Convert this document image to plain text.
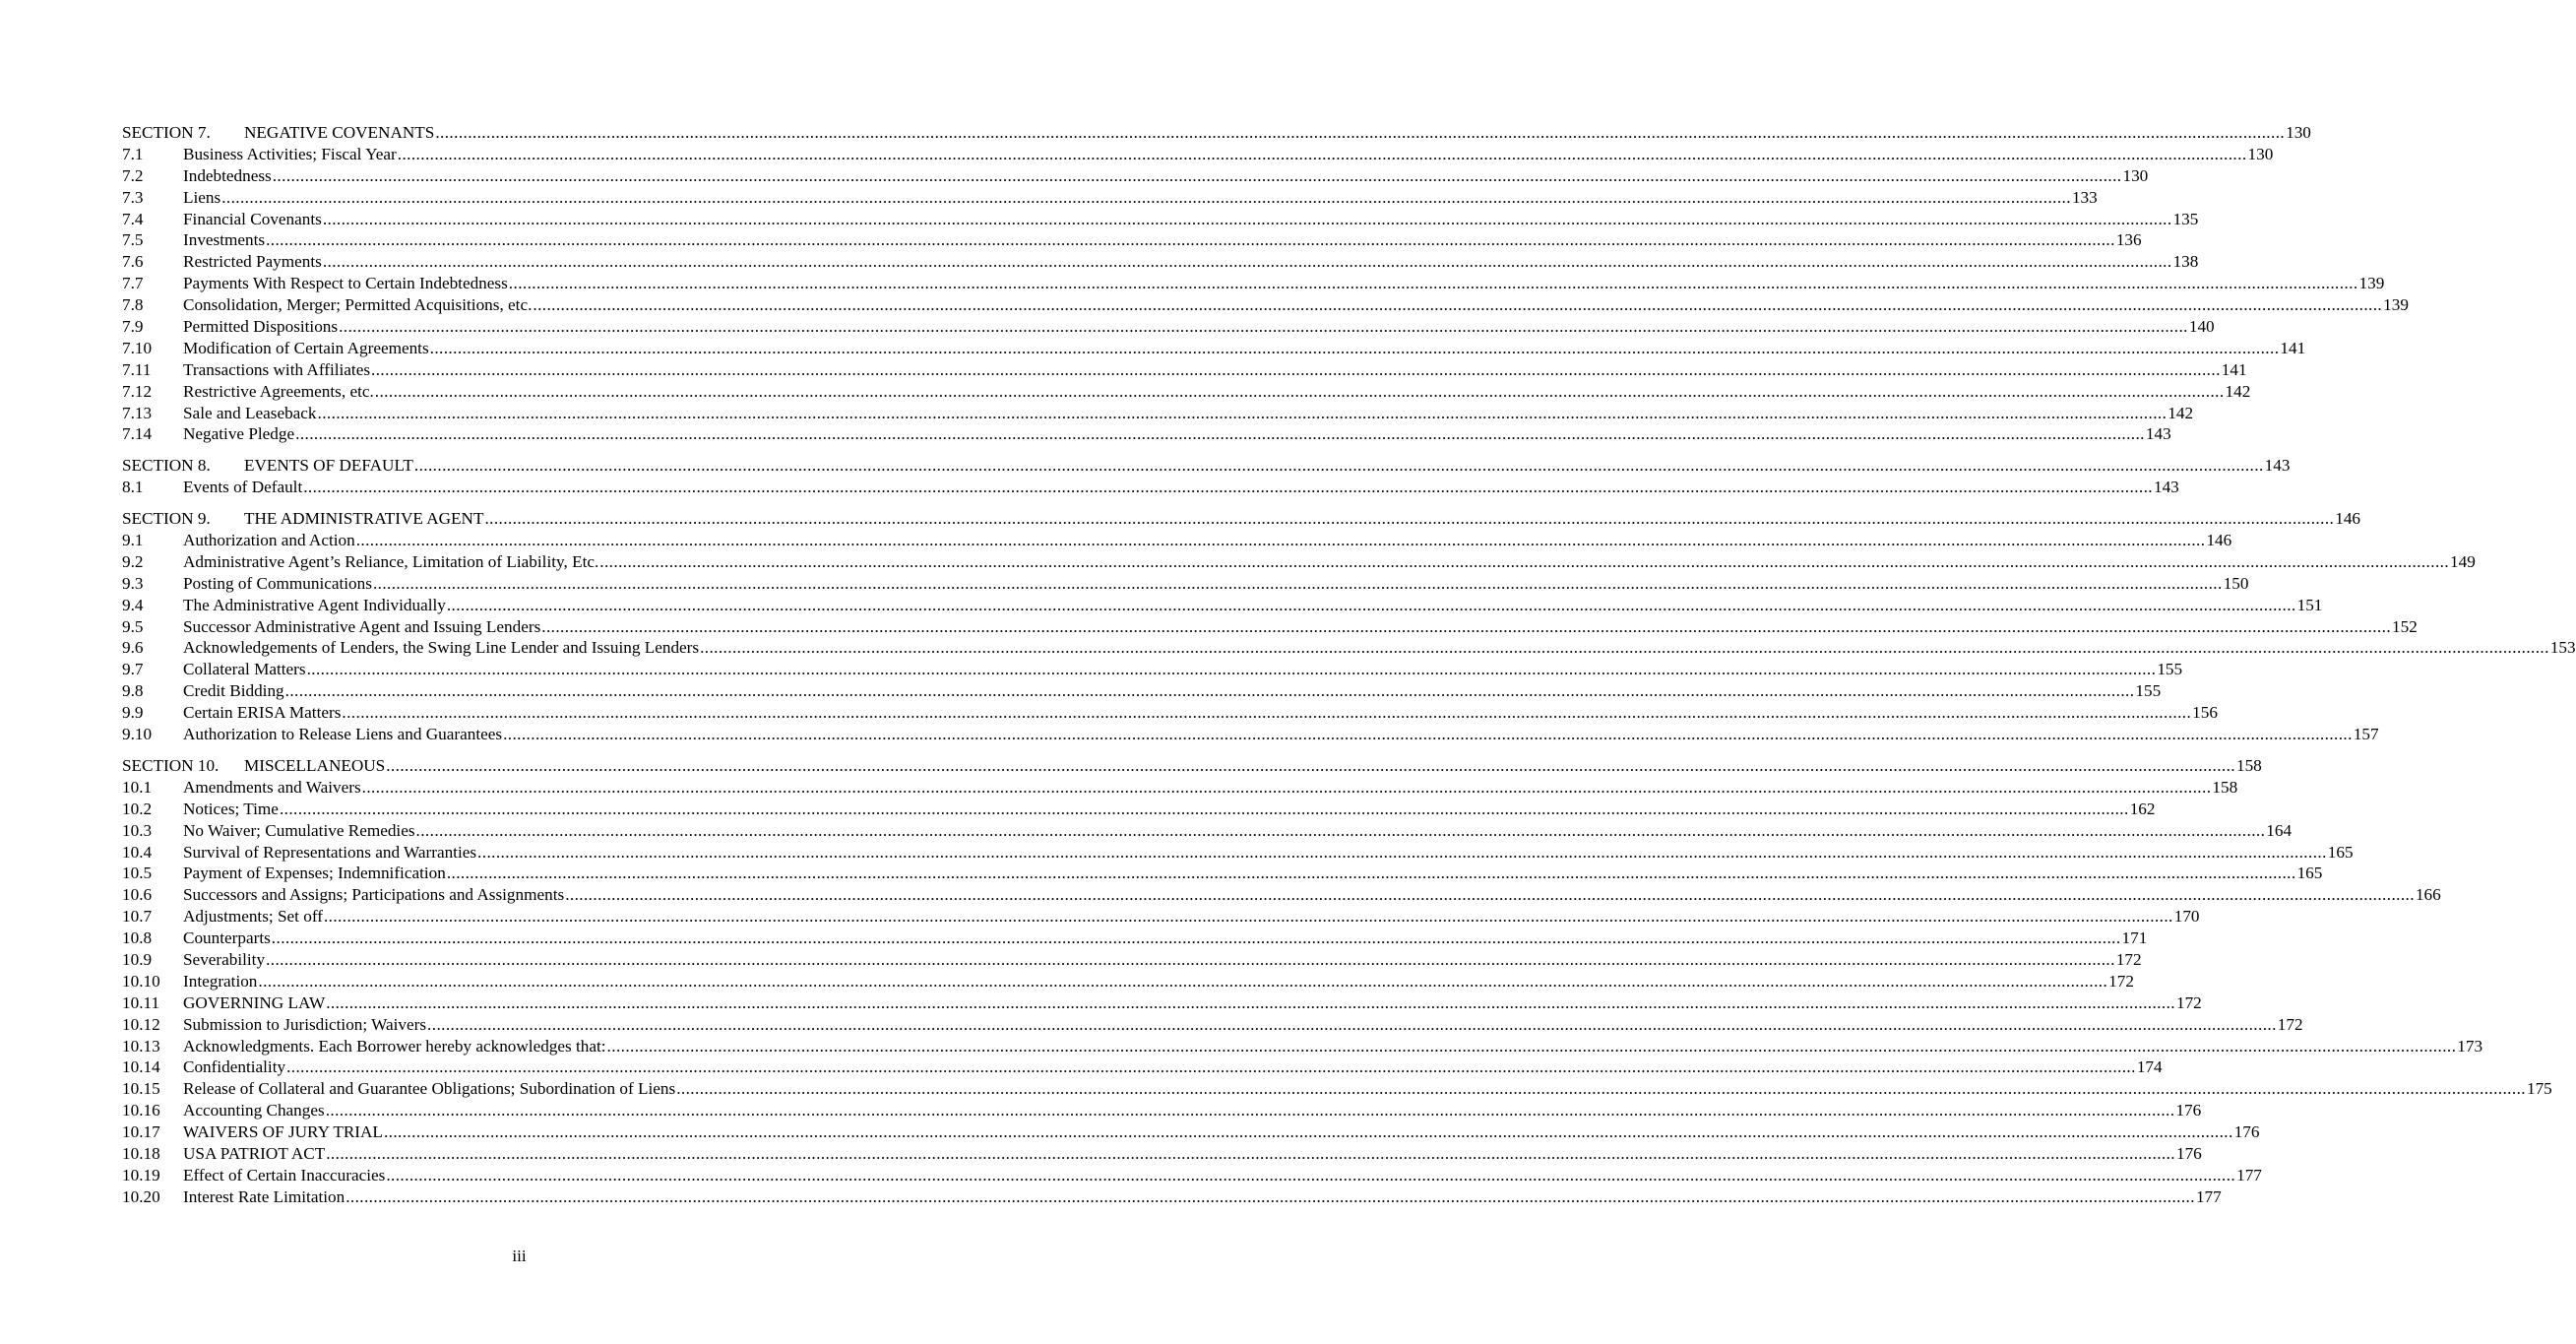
SECTION 7.	NEGATIVE COVENANTS ................................................................................................................................................................................................................................................................................................................................................................................................................ 130
7.1	Business Activities; Fiscal Year ................................................................................................................................................................................................................................................................................................................................................................................................................ 130
7.2	Indebtedness ................................................................................................................................................................................................................................................................................................................................................................................................................ 130
7.3	Liens ................................................................................................................................................................................................................................................................................................................................................................................................................ 133
7.4	Financial Covenants ................................................................................................................................................................................................................................................................................................................................................................................................................ 135
7.5	Investments ................................................................................................................................................................................................................................................................................................................................................................................................................ 136
7.6	Restricted Payments ................................................................................................................................................................................................................................................................................................................................................................................................................ 138
7.7	Payments With Respect to Certain Indebtedness ................................................................................................................................................................................................................................................................................................................................................................................................................ 139
7.8	Consolidation, Merger; Permitted Acquisitions, etc. ................................................................................................................................................................................................................................................................................................................................................................................................................ 139
7.9	Permitted Dispositions ................................................................................................................................................................................................................................................................................................................................................................................................................ 140
7.10	Modification of Certain Agreements ................................................................................................................................................................................................................................................................................................................................................................................................................ 141
7.11	Transactions with Affiliates ................................................................................................................................................................................................................................................................................................................................................................................................................ 141
7.12	Restrictive Agreements, etc. ................................................................................................................................................................................................................................................................................................................................................................................................................ 142
7.13	Sale and Leaseback ................................................................................................................................................................................................................................................................................................................................................................................................................ 142
7.14	Negative Pledge ................................................................................................................................................................................................................................................................................................................................................................................................................ 143
SECTION 8.	EVENTS OF DEFAULT ................................................................................................................................................................................................................................................................................................................................................................................................................ 143
8.1	Events of Default ................................................................................................................................................................................................................................................................................................................................................................................................................ 143
SECTION 9.	THE ADMINISTRATIVE AGENT ................................................................................................................................................................................................................................................................................................................................................................................................................ 146
9.1	Authorization and Action ................................................................................................................................................................................................................................................................................................................................................................................................................ 146
9.2	Administrative Agent’s Reliance, Limitation of Liability, Etc. ................................................................................................................................................................................................................................................................................................................................................................................................................ 149
9.3	Posting of Communications ................................................................................................................................................................................................................................................................................................................................................................................................................ 150
9.4	The Administrative Agent Individually ................................................................................................................................................................................................................................................................................................................................................................................................................ 151
9.5	Successor Administrative Agent and Issuing Lenders ................................................................................................................................................................................................................................................................................................................................................................................................................ 152
9.6	Acknowledgements of Lenders, the Swing Line Lender and Issuing Lenders ................................................................................................................................................................................................................................................................................................................................................................................................................ 153
9.7	Collateral Matters ................................................................................................................................................................................................................................................................................................................................................................................................................ 155
9.8	Credit Bidding ................................................................................................................................................................................................................................................................................................................................................................................................................ 155
9.9	Certain ERISA Matters ................................................................................................................................................................................................................................................................................................................................................................................................................ 156
9.10	Authorization to Release Liens and Guarantees ................................................................................................................................................................................................................................................................................................................................................................................................................ 157
SECTION 10.	MISCELLANEOUS ................................................................................................................................................................................................................................................................................................................................................................................................................ 158
10.1	Amendments and Waivers ................................................................................................................................................................................................................................................................................................................................................................................................................ 158
10.2	Notices; Time ................................................................................................................................................................................................................................................................................................................................................................................................................ 162
10.3	No Waiver; Cumulative Remedies ................................................................................................................................................................................................................................................................................................................................................................................................................ 164
10.4	Survival of Representations and Warranties ................................................................................................................................................................................................................................................................................................................................................................................................................ 165
10.5	Payment of Expenses; Indemnification ................................................................................................................................................................................................................................................................................................................................................................................................................ 165
10.6	Successors and Assigns; Participations and Assignments ................................................................................................................................................................................................................................................................................................................................................................................................................ 166
10.7	Adjustments; Set off ................................................................................................................................................................................................................................................................................................................................................................................................................ 170
10.8	Counterparts ................................................................................................................................................................................................................................................................................................................................................................................................................ 171
10.9	Severability ................................................................................................................................................................................................................................................................................................................................................................................................................ 172
10.10	Integration ................................................................................................................................................................................................................................................................................................................................................................................................................ 172
10.11	GOVERNING LAW ................................................................................................................................................................................................................................................................................................................................................................................................................ 172
10.12	Submission to Jurisdiction; Waivers ................................................................................................................................................................................................................................................................................................................................................................................................................ 172
10.13	Acknowledgments. Each Borrower hereby acknowledges that: ................................................................................................................................................................................................................................................................................................................................................................................................................ 173
10.14	Confidentiality ................................................................................................................................................................................................................................................................................................................................................................................................................ 174
10.15	Release of Collateral and Guarantee Obligations; Subordination of Liens ................................................................................................................................................................................................................................................................................................................................................................................................................ 175
10.16	Accounting Changes ................................................................................................................................................................................................................................................................................................................................................................................................................ 176
10.17	WAIVERS OF JURY TRIAL ................................................................................................................................................................................................................................................................................................................................................................................................................ 176
10.18	USA PATRIOT ACT ................................................................................................................................................................................................................................................................................................................................................................................................................ 176
10.19	Effect of Certain Inaccuracies ................................................................................................................................................................................................................................................................................................................................................................................................................ 177
10.20	Interest Rate Limitation ................................................................................................................................................................................................................................................................................................................................................................................................................ 177
iii
